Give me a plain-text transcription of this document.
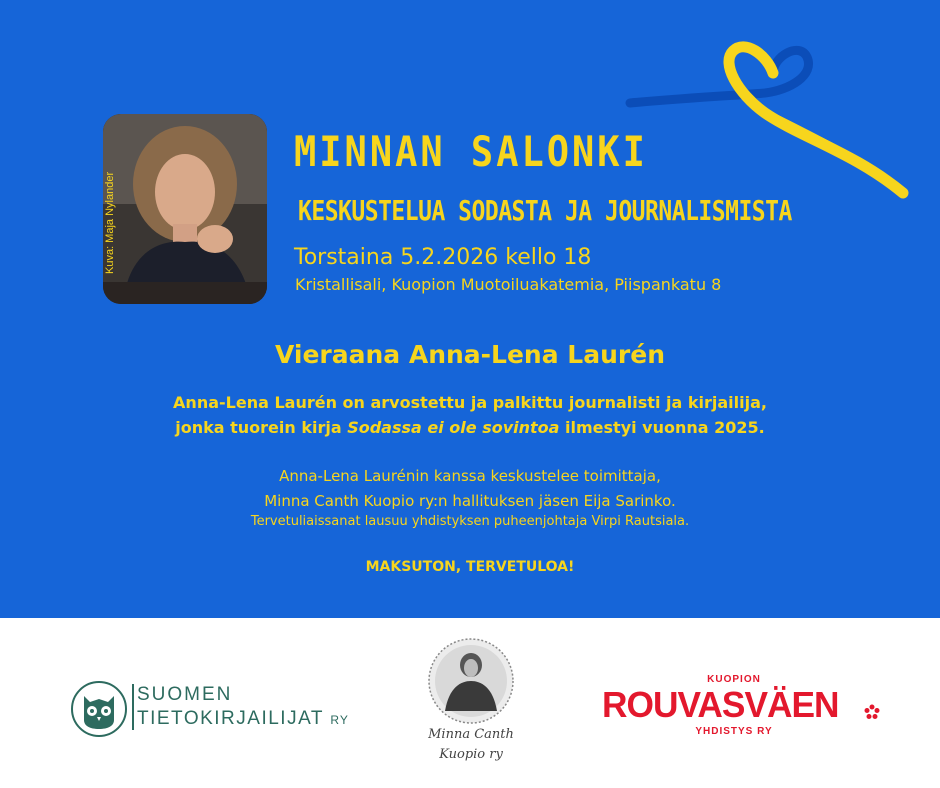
Kuva: Maja Nylander
MINNAN SALONKI
KESKUSTELUA SODASTA JA JOURNALISMISTA
Torstaina 5.2.2026 kello 18
Kristallisali, Kuopion Muotoiluakatemia, Piispankatu 8
Vieraana Anna-Lena Laurén
Anna-Lena Laurén on arvostettu ja palkittu journalisti ja kirjailija,
jonka tuorein kirja Sodassa ei ole sovintoa ilmestyi vuonna 2025.
Anna-Lena Laurénin kanssa keskustelee toimittaja,
Minna Canth Kuopio ry:n hallituksen jäsen Eija Sarinko.
Tervetuliaissanat lausuu yhdistyksen puheenjohtaja Virpi Rautsiala.
MAKSUTON, TERVETULOA!
SUOMEN
TIETOKIRJAILIJAT RY
Minna Canth
Kuopio ry
KUOPION
ROUVASVÄEN
YHDISTYS RY
